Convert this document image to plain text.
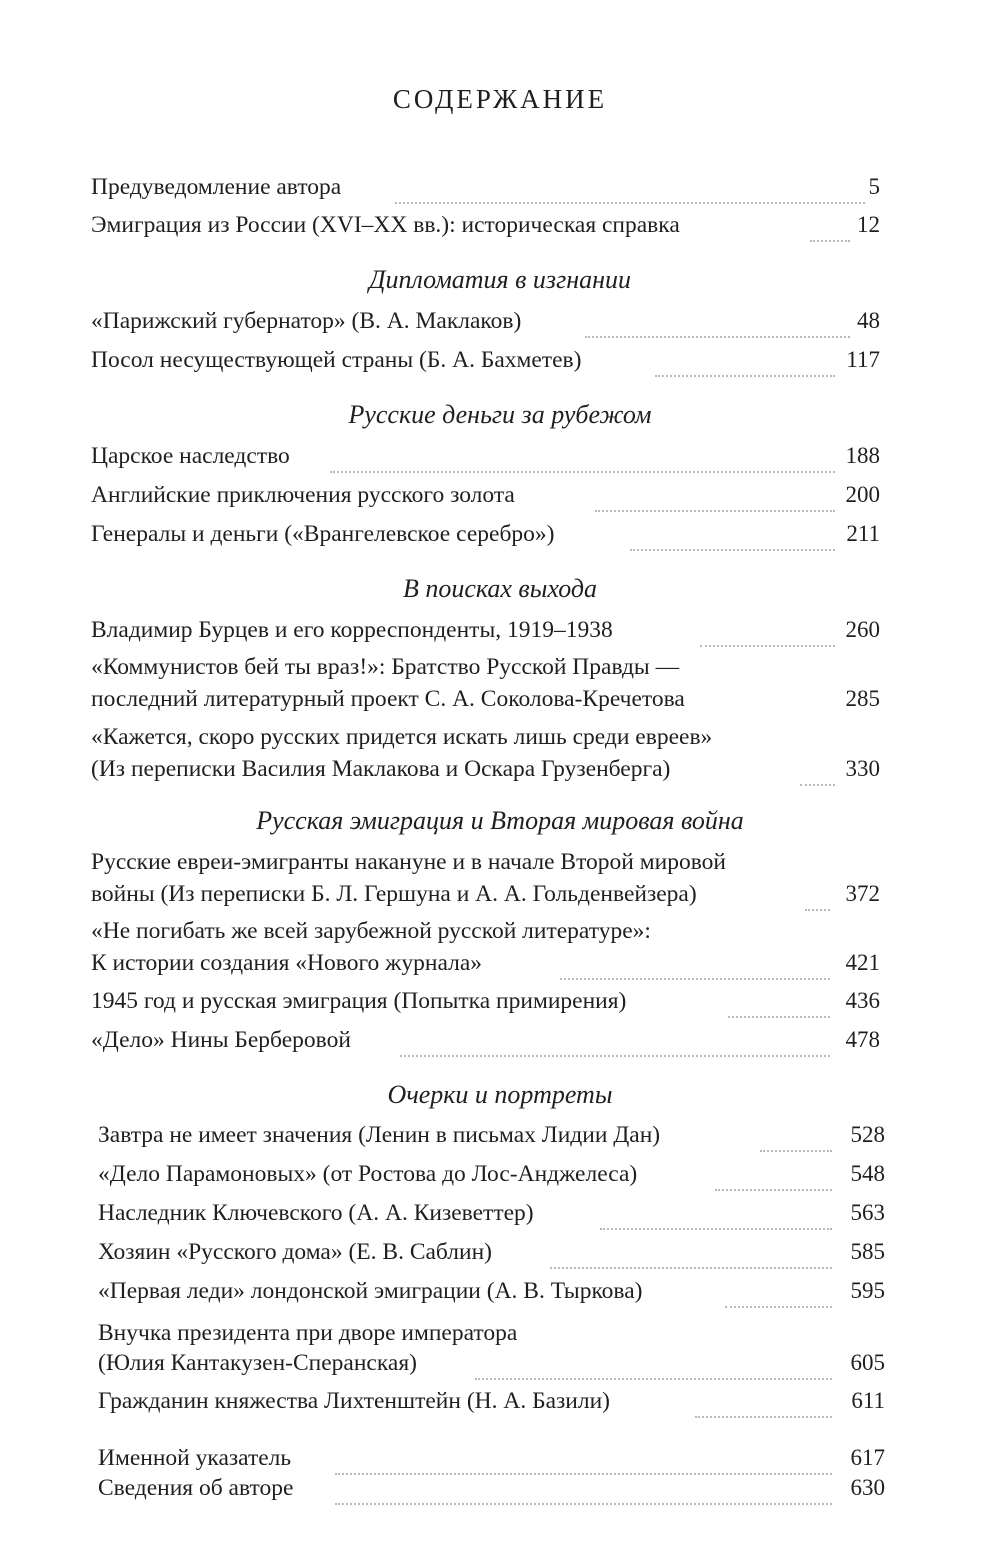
СОДЕРЖАНИЕ
Предуведомление автора	5
Эмиграция из России (XVI–XX вв.): историческая справка	12
Дипломатия в изгнании
«Парижский губернатор» (В. А. Маклаков)	48
Посол несуществующей страны (Б. А. Бахметев)	117
Русские деньги за рубежом
Царское наследство	188
Английские приключения русского золота	200
Генералы и деньги («Врангелевское серебро»)	211
В поисках выхода
Владимир Бурцев и его корреспонденты, 1919–1938	260
«Коммунистов бей ты враз!»: Братство Русской Правды —
последний литературный проект С. А. Соколова-Кречетова	285
«Кажется, скоро русских придется искать лишь среди евреев»
(Из переписки Василия Маклакова и Оскара Грузенберга)	330
Русская эмиграция и Вторая мировая война
Русские евреи-эмигранты накануне и в начале Второй мировой
войны (Из переписки Б. Л. Гершуна и А. А. Гольденвейзера)	372
«Не погибать же всей зарубежной русской литературе»:
К истории создания «Нового журнала»	421
1945 год и русская эмиграция (Попытка примирения)	436
«Дело» Нины Берберовой	478
Очерки и портреты
Завтра не имеет значения (Ленин в письмах Лидии Дан)	528
«Дело Парамоновых» (от Ростова до Лос-Анджелеса)	548
Наследник Ключевского (А. А. Кизеветтер)	563
Хозяин «Русского дома» (Е. В. Саблин)	585
«Первая леди» лондонской эмиграции (А. В. Тыркова)	595
Внучка президента при дворе императора
(Юлия Кантакузен-Сперанская)	605
Гражданин княжества Лихтенштейн (Н. А. Базили)	611
Именной указатель	617
Сведения об авторе	630
